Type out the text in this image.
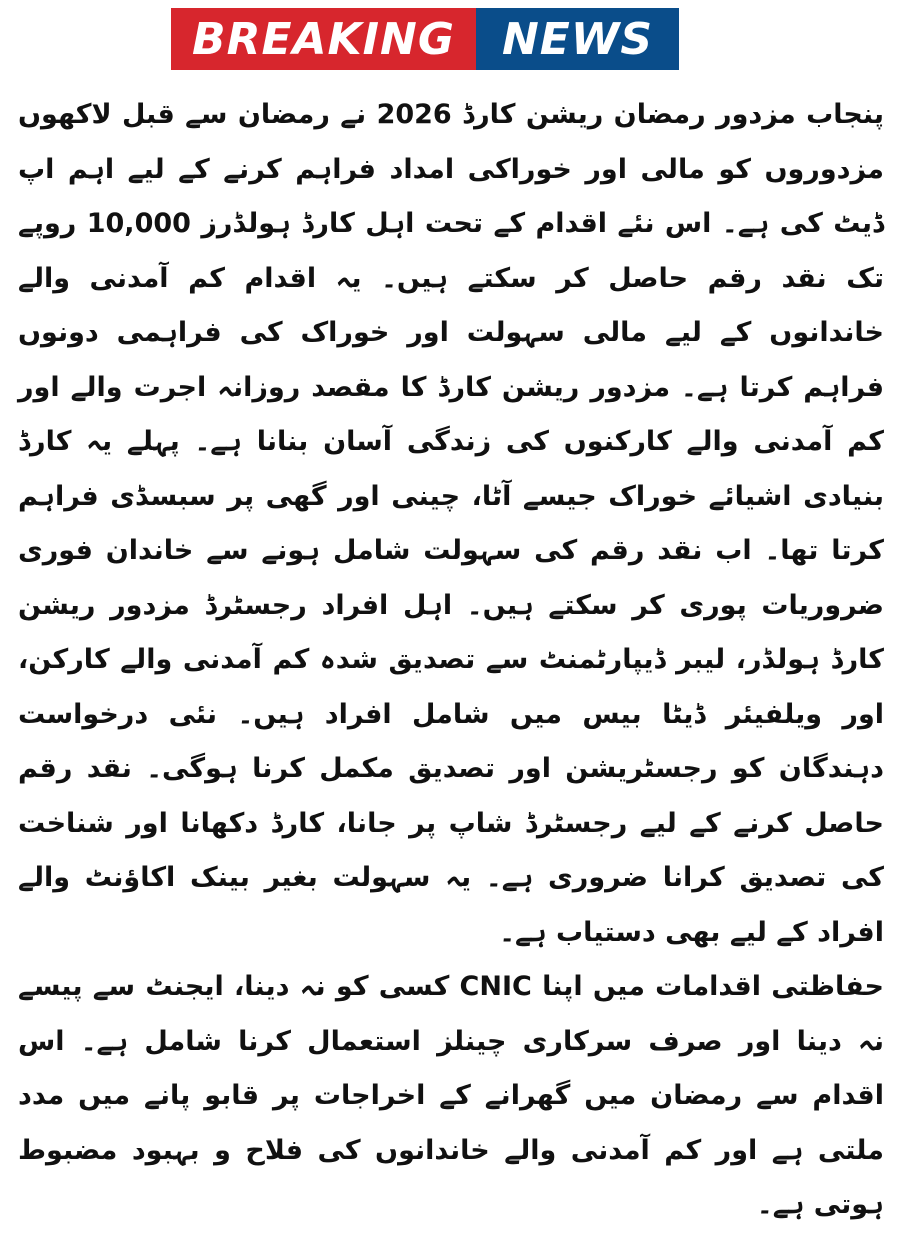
BREAKING	NEWS

پنجاب مزدور رمضان ریشن کارڈ 2026 نے رمضان سے قبل لاکھوں مزدوروں کو مالی اور خوراکی امداد فراہم کرنے کے لیے اہم اپ ڈیٹ کی ہے۔ اس نئے اقدام کے تحت اہل کارڈ ہولڈرز 10,000 روپے تک نقد رقم حاصل کر سکتے ہیں۔ یہ اقدام کم آمدنی والے خاندانوں کے لیے مالی سہولت اور خوراک کی فراہمی دونوں فراہم کرتا ہے۔ مزدور ریشن کارڈ کا مقصد روزانہ اجرت والے اور کم آمدنی والے کارکنوں کی زندگی آسان بنانا ہے۔ پہلے یہ کارڈ بنیادی اشیائے خوراک جیسے آٹا، چینی اور گھی پر سبسڈی فراہم کرتا تھا۔ اب نقد رقم کی سہولت شامل ہونے سے خاندان فوری ضروریات پوری کر سکتے ہیں۔ اہل افراد رجسٹرڈ مزدور ریشن کارڈ ہولڈر، لیبر ڈیپارٹمنٹ سے تصدیق شدہ کم آمدنی والے کارکن، اور ویلفیئر ڈیٹا بیس میں شامل افراد ہیں۔ نئی درخواست دہندگان کو رجسٹریشن اور تصدیق مکمل کرنا ہوگی۔ نقد رقم حاصل کرنے کے لیے رجسٹرڈ شاپ پر جانا، کارڈ دکھانا اور شناخت کی تصدیق کرانا ضروری ہے۔ یہ سہولت بغیر بینک اکاؤنٹ والے افراد کے لیے بھی دستیاب ہے۔

حفاظتی اقدامات میں اپنا CNIC کسی کو نہ دینا، ایجنٹ سے پیسے نہ دینا اور صرف سرکاری چینلز استعمال کرنا شامل ہے۔ اس اقدام سے رمضان میں گھرانے کے اخراجات پر قابو پانے میں مدد ملتی ہے اور کم آمدنی والے خاندانوں کی فلاح و بہبود مضبوط ہوتی ہے۔
